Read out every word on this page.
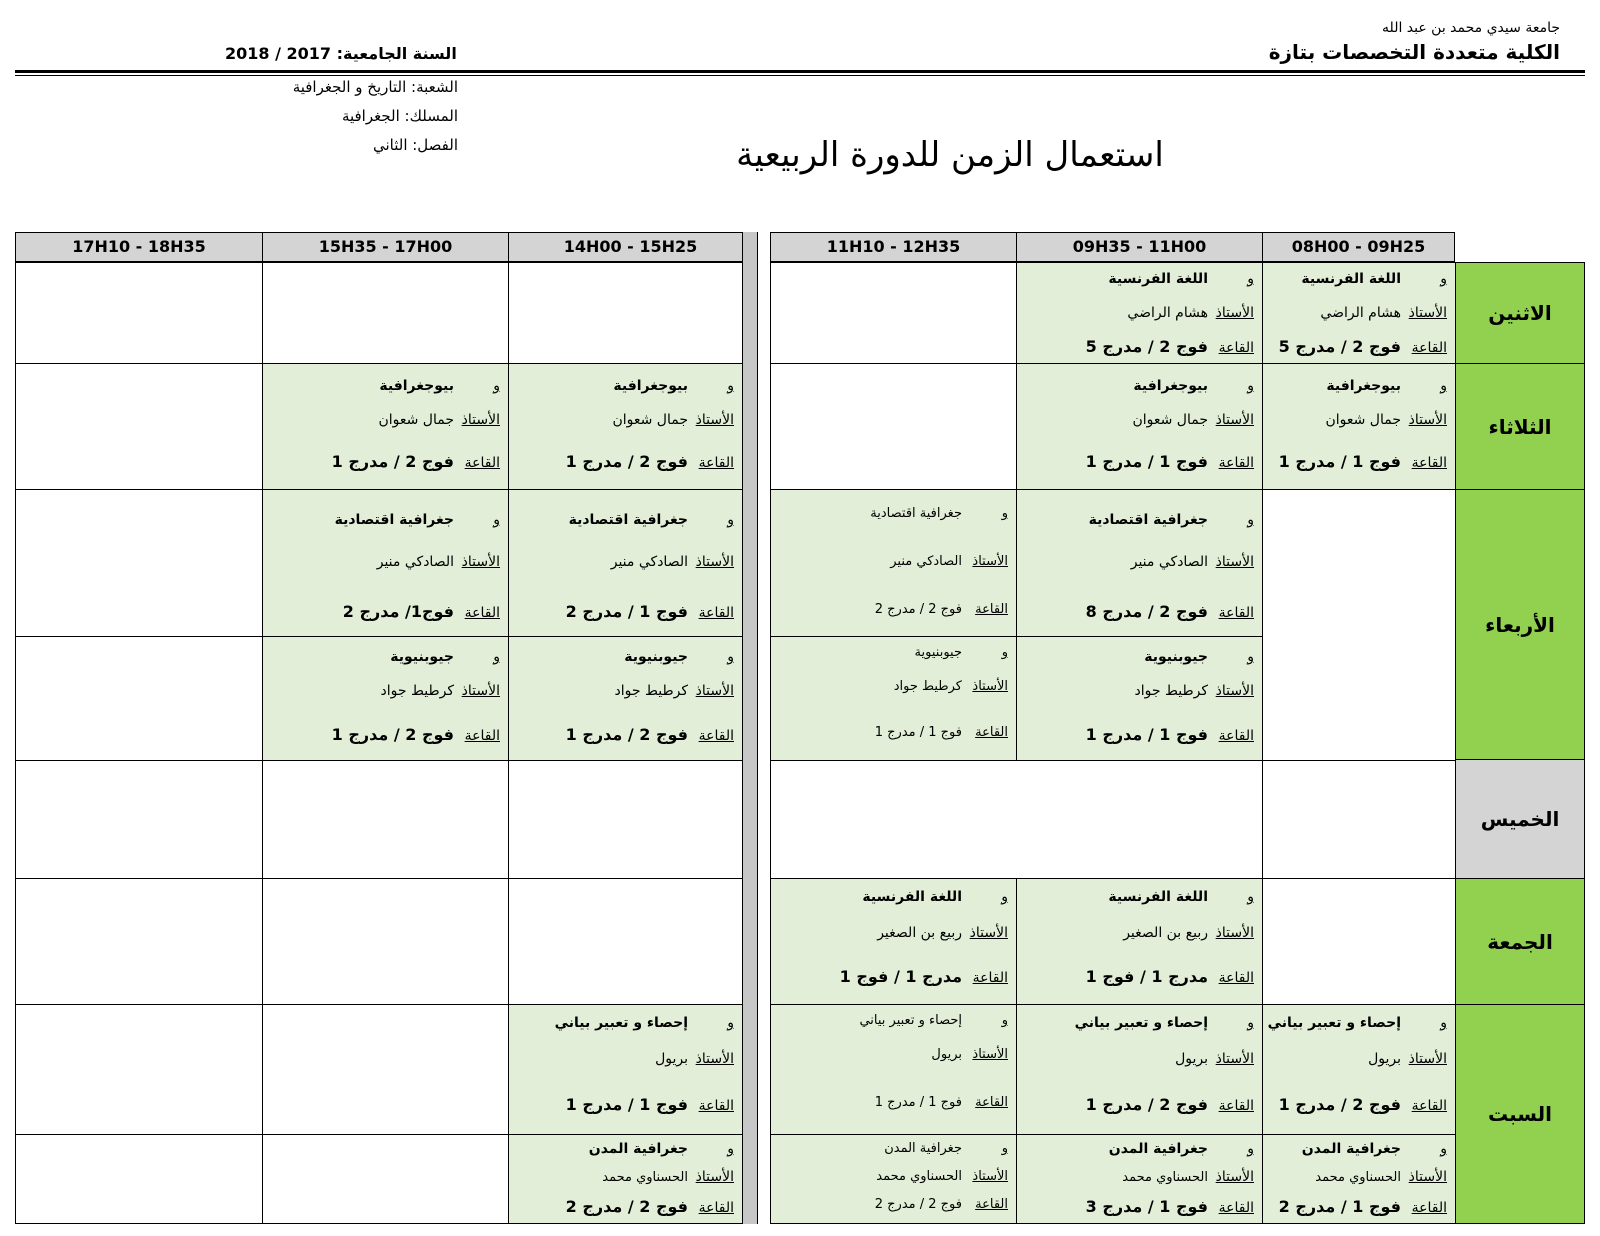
جامعة سيدي محمد بن عبد الله
الكلية متعددة التخصصات بتازة
السنة الجامعية: 2017 / 2018
الشعبة: التاريخ و الجغرافية
المسلك: الجغرافية
الفصل: الثاني	استعمال الزمن للدورة الربيعية
08H00 - 09H25
09H35 - 11H00
11H10 - 12H35
14H00 - 15H25
15H35 - 17H00
17H10 - 18H35
الاثنين
الثلاثاء
الأربعاء
الخميس
الجمعة
السبت
واللغة الفرنسية
الأستاذهشام الراضي
القاعةفوج 2 / مدرج 5
واللغة الفرنسية
الأستاذهشام الراضي
القاعةفوج 2 / مدرج 5
وبيوجغرافية
الأستاذجمال شعوان
القاعةفوج 1 / مدرج 1
وبيوجغرافية
الأستاذجمال شعوان
القاعةفوج 1 / مدرج 1
وبيوجغرافية
الأستاذجمال شعوان
القاعةفوج 2 / مدرج 1
وبيوجغرافية
الأستاذجمال شعوان
القاعةفوج 2 / مدرج 1
وجغرافية اقتصادية
الأستاذالصادكي منير
القاعةفوج 2 / مدرج 8
وجغرافية اقتصادية
الأستاذالصادكي منير
القاعةفوج 2 / مدرج 2
وجغرافية اقتصادية
الأستاذالصادكي منير
القاعةفوج 1 / مدرج 2
وجغرافية اقتصادية
الأستاذالصادكي منير
القاعةفوج1/ مدرج 2
وجيوبنيوية
الأستاذكرطيط جواد
القاعةفوج 1 / مدرج 1
وجيوبنيوية
الأستاذكرطيط جواد
القاعةفوج 1 / مدرج 1
وجيوبنيوية
الأستاذكرطيط جواد
القاعةفوج 2 / مدرج 1
وجيوبنيوية
الأستاذكرطيط جواد
القاعةفوج 2 / مدرج 1
واللغة الفرنسية
الأستاذربيع بن الصغير
القاعةمدرج 1 / فوج 1
واللغة الفرنسية
الأستاذربيع بن الصغير
القاعةمدرج 1 / فوج 1
وإحصاء و تعبير بياني
الأستاذبريول
القاعةفوج 2 / مدرج 1
وإحصاء و تعبير بياني
الأستاذبريول
القاعةفوج 2 / مدرج 1
وإحصاء و تعبير بياني
الأستاذبريول
القاعةفوج 1 / مدرج 1
وإحصاء و تعبير بياني
الأستاذبريول
القاعةفوج 1 / مدرج 1
وجغرافية المدن
الأستاذالحسناوي محمد
القاعةفوج 1 / مدرج 2
وجغرافية المدن
الأستاذالحسناوي محمد
القاعةفوج 1 / مدرج 3
وجغرافية المدن
الأستاذالحسناوي محمد
القاعةفوج 2 / مدرج 2
وجغرافية المدن
الأستاذالحسناوي محمد
القاعةفوج 2 / مدرج 2
